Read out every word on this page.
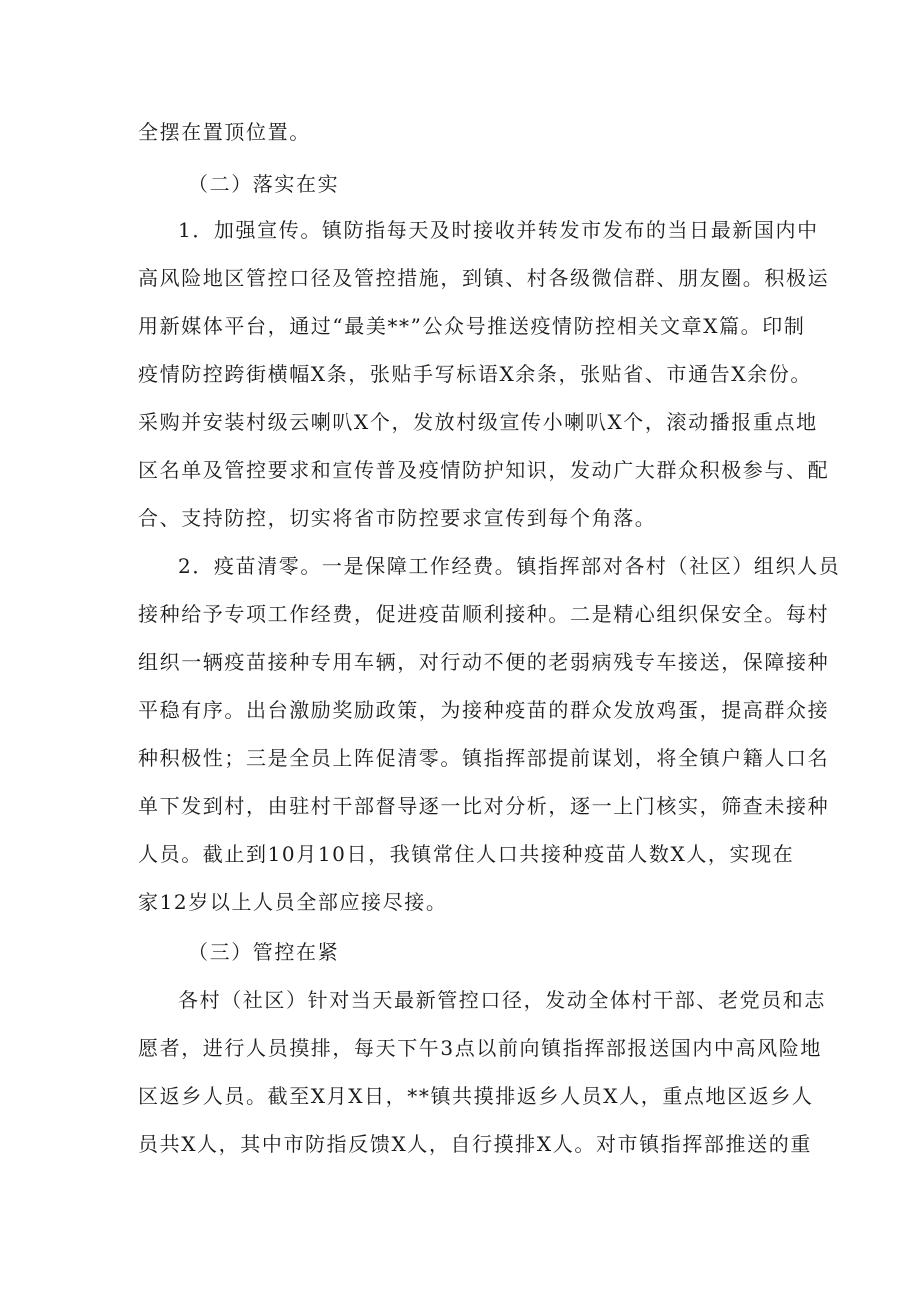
全摆在置顶位置。
（二）落实在实
1．加强宣传。镇防指每天及时接收并转发市发布的当日最新国内中
高风险地区管控口径及管控措施，到镇、村各级微信群、朋友圈。积极运
用新媒体平台，通过“最美**”公众号推送疫情防控相关文章X篇。印制
疫情防控跨街横幅X条，张贴手写标语X余条，张贴省、市通告X余份。
采购并安装村级云喇叭X个，发放村级宣传小喇叭X个，滚动播报重点地
区名单及管控要求和宣传普及疫情防护知识，发动广大群众积极参与、配
合、支持防控，切实将省市防控要求宣传到每个角落。
2．疫苗清零。一是保障工作经费。镇指挥部对各村（社区）组织人员
接种给予专项工作经费，促进疫苗顺利接种。二是精心组织保安全。每村
组织一辆疫苗接种专用车辆，对行动不便的老弱病残专车接送，保障接种
平稳有序。出台激励奖励政策，为接种疫苗的群众发放鸡蛋，提高群众接
种积极性；三是全员上阵促清零。镇指挥部提前谋划，将全镇户籍人口名
单下发到村，由驻村干部督导逐一比对分析，逐一上门核实，筛查未接种
人员。截止到10月10日，我镇常住人口共接种疫苗人数X人，实现在
家12岁以上人员全部应接尽接。
（三）管控在紧
各村（社区）针对当天最新管控口径，发动全体村干部、老党员和志
愿者，进行人员摸排，每天下午3点以前向镇指挥部报送国内中高风险地
区返乡人员。截至X月X日，**镇共摸排返乡人员X人，重点地区返乡人
员共X人，其中市防指反馈X人，自行摸排X人。对市镇指挥部推送的重
